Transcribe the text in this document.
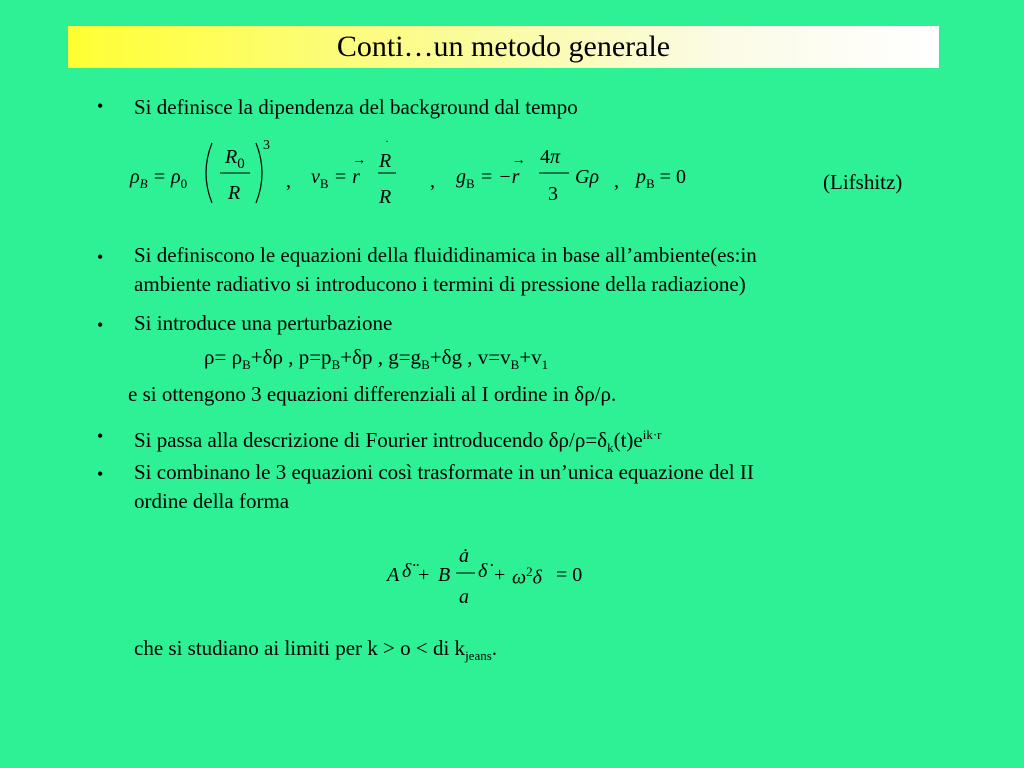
Conti…un metodo generale
• Si definisce la dipendenza del background dal tempo
$\rho_B = \rho_0$
$R_0$
R
3
, $v_B = r$
→
·
R
R
, $g_B = -r$
→ 4π
3
Gρ , $p_B = 0$	(Lifshitz)
• Si definiscono le equazioni della fluididinamica in base all’ambiente(es:in
ambiente radiativo si introducono i termini di pressione della radiazione)
• Si introduce una perturbazione
$\rho= \rho_B+\delta\rho$ , $p=p_B+\delta p$ , $g=g_B+\delta g$ , $v=v_B+v_1$
e si ottengono 3 equazioni differenziali al I ordine in δρ/ρ.
• Si passa alla descrizione di Fourier introducendo $\delta\rho/\rho=\delta_k(t)e^{ik\cdot r}$
• Si combinano le 3 equazioni così trasformate in un’unica equazione del II
ordine della forma
A δ̈ + B
ȧ
a
δ̇ + $\omega^2\delta = 0$
che si studiano ai limiti per k > o < di $k_{jeans}$.
